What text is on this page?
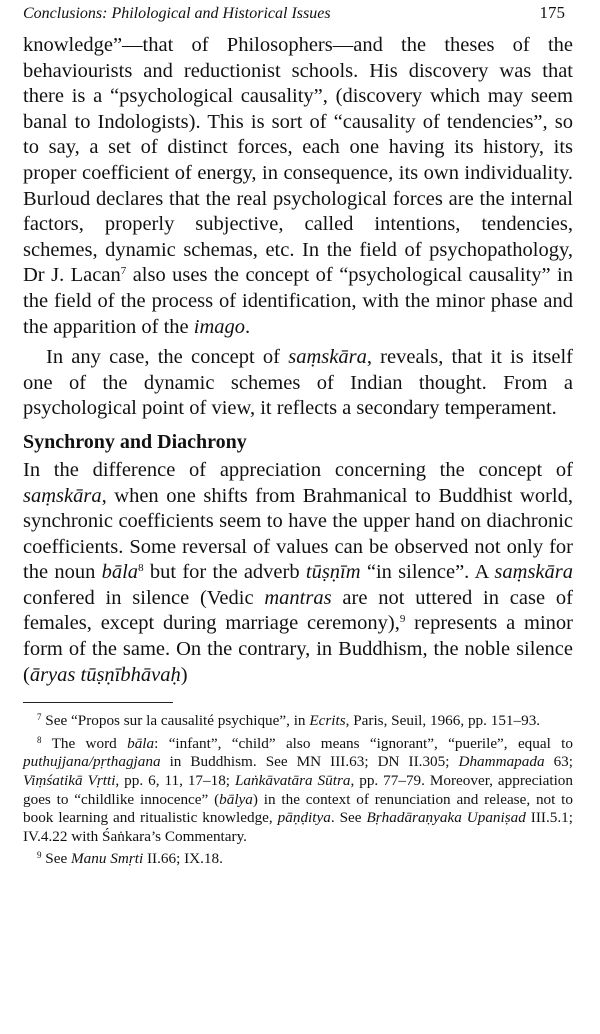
Conclusions: Philological and Historical Issues	175

knowledge”—that of Philosophers—and the theses of the behaviourists and reductionist schools. His discovery was that there is a “psychological causality”, (discovery which may seem banal to Indologists). This is sort of “causality of tendencies”, so to say, a set of distinct forces, each one having its history, its proper coefficient of energy, in consequence, its own individuality. Burloud declares that the real psychological forces are the internal factors, properly subjective, called intentions, tendencies, schemes, dynamic schemas, etc. In the field of psychopathology, Dr J. Lacan$^7$ also uses the concept of “psychological causality” in the field of the process of identification, with the minor phase and the apparition of the imago.

In any case, the concept of saṃskāra, reveals, that it is itself one of the dynamic schemes of Indian thought. From a psychological point of view, it reflects a secondary temperament.

Synchrony and Diachrony

In the difference of appreciation concerning the concept of saṃskāra, when one shifts from Brahmanical to Buddhist world, synchronic coefficients seem to have the upper hand on diachronic coefficients. Some reversal of values can be observed not only for the noun bāla$^8$ but for the adverb tūṣṇīm “in silence”. A saṃskāra confered in silence (Vedic mantras are not uttered in case of females, except during marriage ceremony),$^9$ represents a minor form of the same. On the contrary, in Buddhism, the noble silence (āryas tūṣṇībhāvaḥ)

$^7$ See “Propos sur la causalité psychique”, in Ecrits, Paris, Seuil, 1966, pp. 151–93.

$^8$ The word bāla: “infant”, “child” also means “ignorant”, “puerile”, equal to puthujjana/pṛthagjana in Buddhism. See MN III.63; DN II.305; Dhammapada 63; Viṃśatikā Vṛtti, pp. 6, 11, 17–18; Laṅkāvatāra Sūtra, pp. 77–79. Moreover, appreciation goes to “childlike innocence” (bālya) in the context of renunciation and release, not to book learning and ritualistic knowledge, pāṇḍitya. See Bṛhadāraṇyaka Upaniṣad III.5.1; IV.4.22 with Śaṅkara’s Commentary.

$^9$ See Manu Smṛti II.66; IX.18.
